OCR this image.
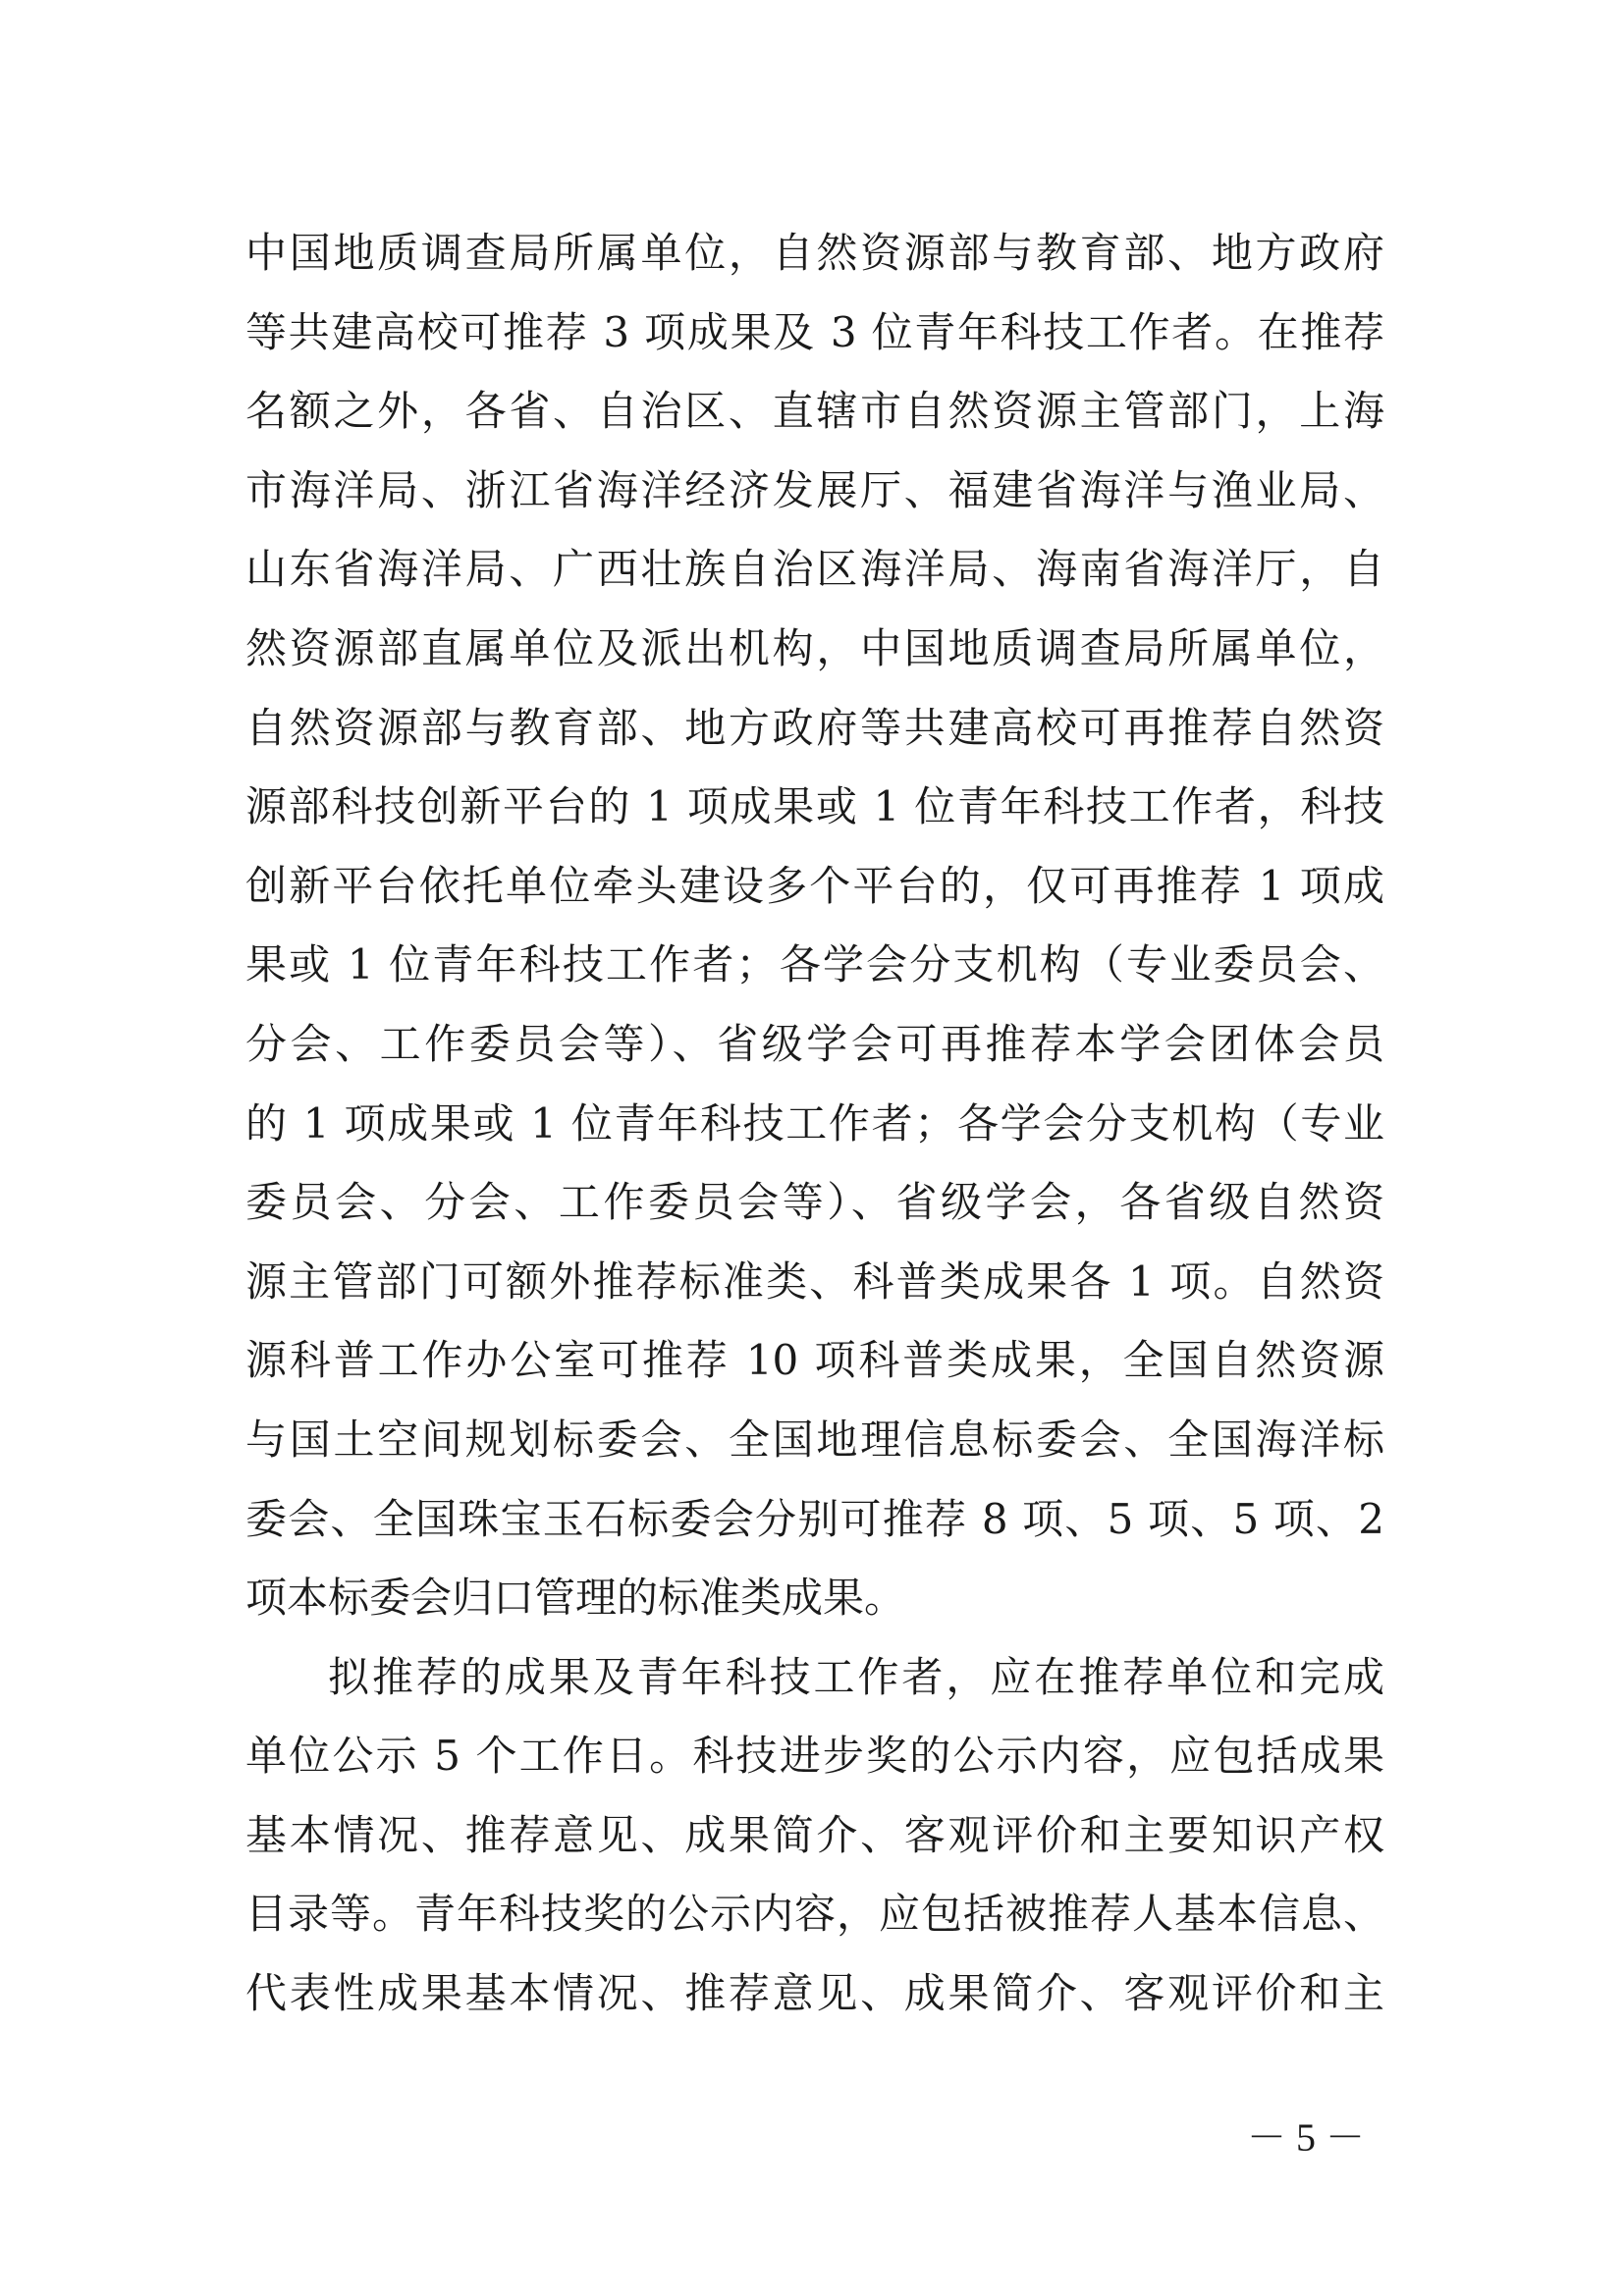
中国地质调查局所属单位，自然资源部与教育部、地方政府
等共建高校可推荐 3 项成果及 3 位青年科技工作者。在推荐
名额之外，各省、自治区、直辖市自然资源主管部门，上海
市海洋局、浙江省海洋经济发展厅、福建省海洋与渔业局、
山东省海洋局、广西壮族自治区海洋局、海南省海洋厅，自
然资源部直属单位及派出机构，中国地质调查局所属单位，
自然资源部与教育部、地方政府等共建高校可再推荐自然资
源部科技创新平台的 1 项成果或 1 位青年科技工作者，科技
创新平台依托单位牵头建设多个平台的，仅可再推荐 1 项成
果或 1 位青年科技工作者；各学会分支机构（专业委员会、
分会、工作委员会等）、省级学会可再推荐本学会团体会员
的 1 项成果或 1 位青年科技工作者；各学会分支机构（专业
委员会、分会、工作委员会等）、省级学会，各省级自然资
源主管部门可额外推荐标准类、科普类成果各 1 项。自然资
源科普工作办公室可推荐 10 项科普类成果，全国自然资源
与国土空间规划标委会、全国地理信息标委会、全国海洋标
委会、全国珠宝玉石标委会分别可推荐 8 项、5 项、5 项、2
项本标委会归口管理的标准类成果。
拟推荐的成果及青年科技工作者，应在推荐单位和完成
单位公示 5 个工作日。科技进步奖的公示内容，应包括成果
基本情况、推荐意见、成果简介、客观评价和主要知识产权
目录等。青年科技奖的公示内容，应包括被推荐人基本信息、
代表性成果基本情况、推荐意见、成果简介、客观评价和主
－ 5 －
